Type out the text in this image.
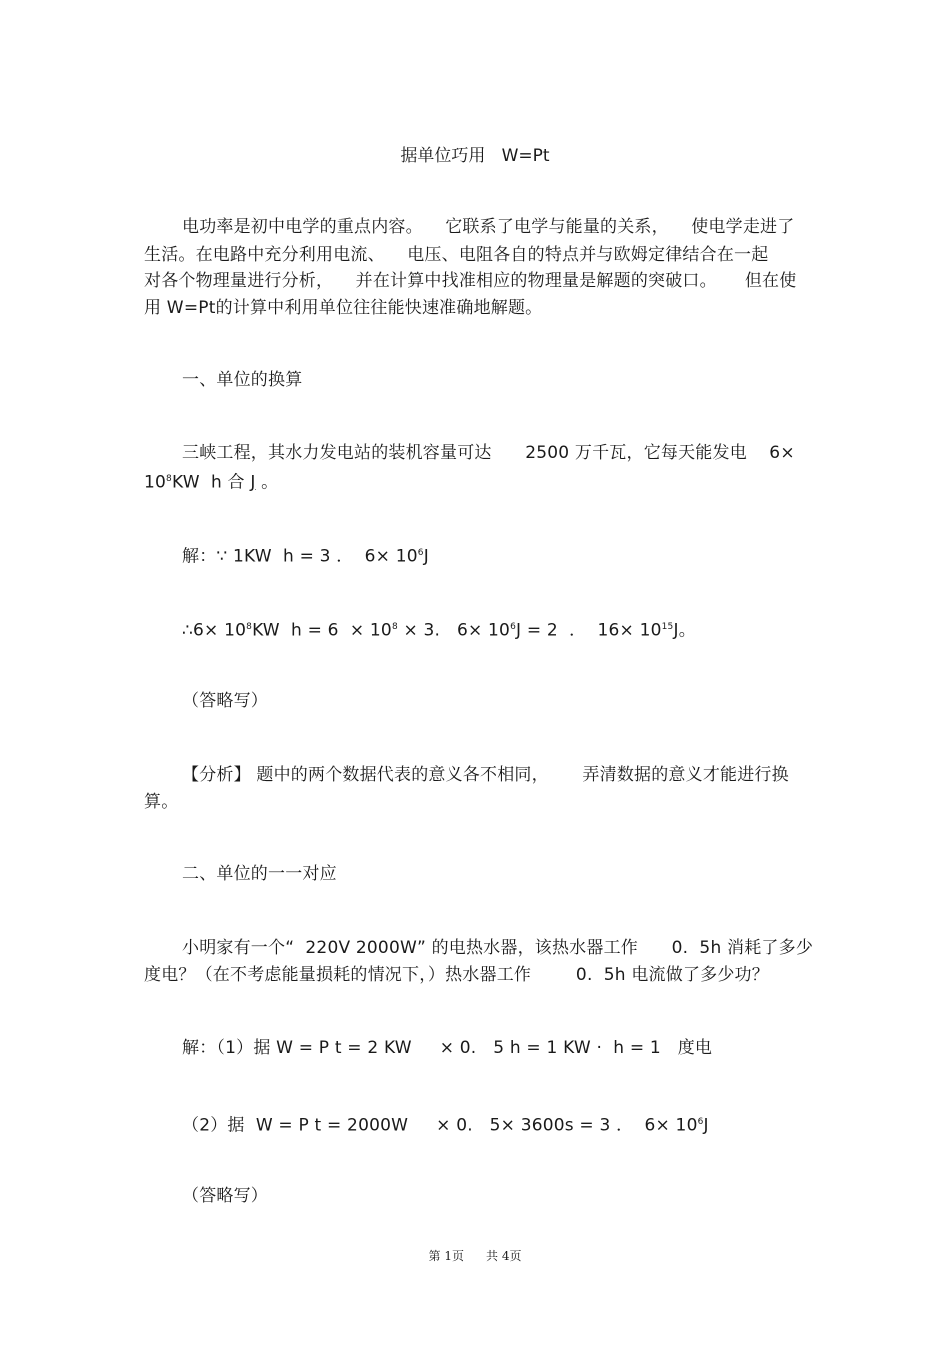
据单位巧用   W=Pt
电功率是初中电学的重点内容。    它联系了电学与能量的关系，    使电学走进了
生活。在电路中充分利用电流、    电压、电阻各自的特点并与欧姆定律结合在一起
对各个物理量进行分析，    并在计算中找准相应的物理量是解题的突破口。     但在使
用 W=Pt的计算中利用单位往往能快速准确地解题。
一、单位的换算
三峡工程，其水力发电站的装机容量可达      2500 万千瓦，它每天能发电    6×
$10^8KW$  h 合 J 。
解：∵ 1KW  h = 3 ．  $6\times 10^6J$
∴6× $10^8KW$  $h = 6 \times 10^8 \times 3$.   $6\times 10^6J = 2$  ．  $16\times 10^{15}J$。
（答略写）
【分析】 题中的两个数据代表的意义各不相同，      弄清数据的意义才能进行换
算。
二、单位的一一对应
小明家有一个“  220V 2000W” 的电热水器，该热水器工作      0.  5h 消耗了多少
度电？（在不考虑能量损耗的情况下，）热水器工作        0.  5h 电流做了多少功？
解：（1）据 W = P t = 2 KW     × 0.   5 h = 1 KW ·  h = 1   度电
（2）据  W = P t = 2000W     × 0.   5× 3600s = 3 ．  $6\times 10^6J$
（答略写）
第 1页 共 4页
